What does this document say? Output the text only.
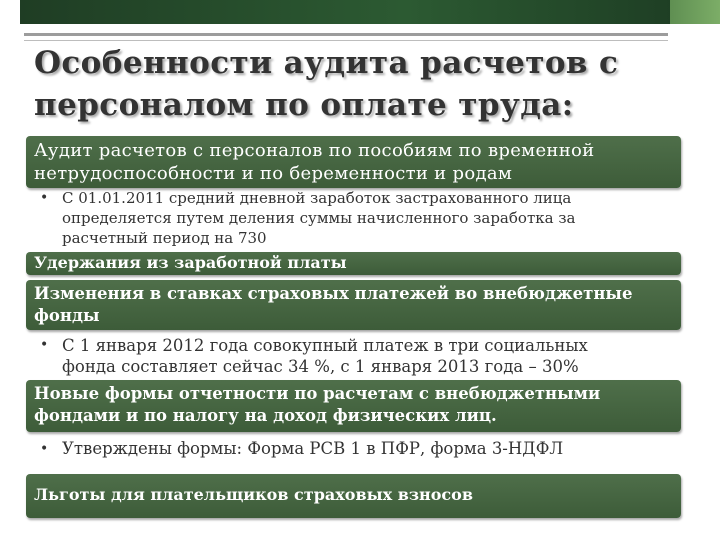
Особенности аудита расчетов с
персоналом по оплате труда:
Аудит расчетов с персоналов по пособиям по временной нетрудоспособности и по беременности и родам
• С 01.01.2011 средний дневной заработок застрахованного лица определяется путем деления суммы начисленного заработка за расчетный период на 730
Удержания из заработной платы
Изменения в ставках страховых платежей во внебюджетные фонды
• С 1 января 2012 года совокупный платеж в три социальных фонда составляет сейчас 34 %, с 1 января 2013 года – 30%
Новые формы отчетности по расчетам с внебюджетными фондами и по налогу на доход физических лиц.
• Утверждены формы: Форма РСВ 1 в ПФР, форма 3-НДФЛ
Льготы для плательщиков страховых взносов
